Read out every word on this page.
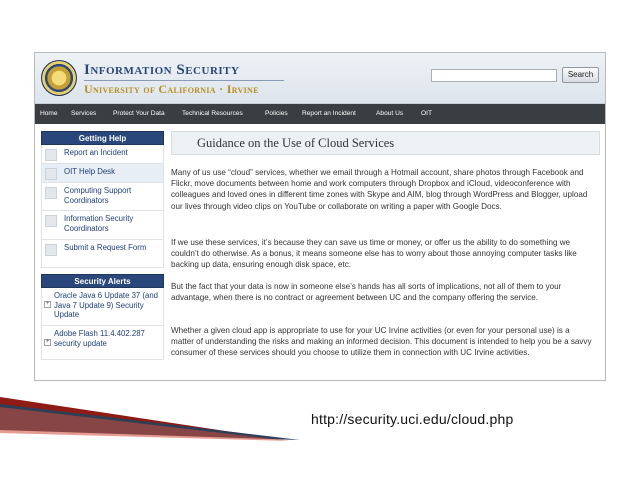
Information Security
University of California · Irvine
Search
Home Services	Protect Your Data	Technical Resources	Policies Report an Incident	About Us	OIT
Getting Help
Report an Incident
OIT Help Desk
Computing Support Coordinators
Information Security Coordinators
Submit a Request Form
Security Alerts
+
Oracle Java 6 Update 37 (and Java 7 Update 9) Security Update
+
Adobe Flash 11.4.402.287 security update
Guidance on the Use of Cloud Services

Many of us use “cloud” services, whether we email through a Hotmail account, share photos through Facebook and Flickr, move documents between home and work computers through Dropbox and iCloud, videoconference with colleagues and loved ones in different time zones with Skype and AIM, blog through WordPress and Blogger, upload our lives through video clips on YouTube or collaborate on writing a paper with Google Docs.

If we use these services, it’s because they can save us time or money, or offer us the ability to do something we couldn’t do otherwise. As a bonus, it means someone else has to worry about those annoying computer tasks like backing up data, ensuring enough disk space, etc.

But the fact that your data is now in someone else’s hands has all sorts of implications, not all of them to your advantage, when there is no contract or agreement between UC and the company offering the service.

Whether a given cloud app is appropriate to use for your UC Irvine activities (or even for your personal use) is a matter of understanding the risks and making an informed decision. This document is intended to help you be a savvy consumer of these services should you choose to utilize them in connection with UC Irvine activities.

http://security.uci.edu/cloud.php
